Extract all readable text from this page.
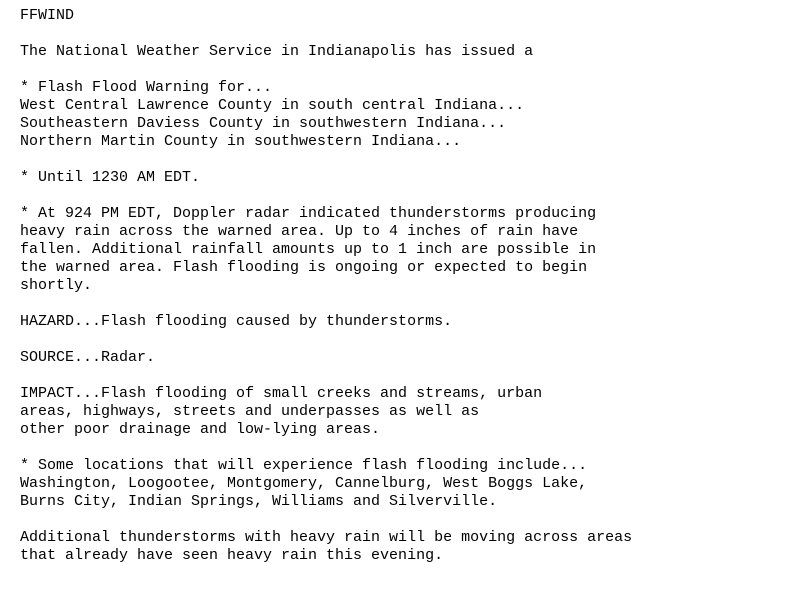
FFWIND
The National Weather Service in Indianapolis has issued a
* Flash Flood Warning for...
West Central Lawrence County in south central Indiana...
Southeastern Daviess County in southwestern Indiana...
Northern Martin County in southwestern Indiana...
* Until 1230 AM EDT.
* At 924 PM EDT, Doppler radar indicated thunderstorms producing
heavy rain across the warned area. Up to 4 inches of rain have
fallen. Additional rainfall amounts up to 1 inch are possible in
the warned area. Flash flooding is ongoing or expected to begin
shortly.
HAZARD...Flash flooding caused by thunderstorms.
SOURCE...Radar.
IMPACT...Flash flooding of small creeks and streams, urban
areas, highways, streets and underpasses as well as
other poor drainage and low-lying areas.
* Some locations that will experience flash flooding include...
Washington, Loogootee, Montgomery, Cannelburg, West Boggs Lake,
Burns City, Indian Springs, Williams and Silverville.
Additional thunderstorms with heavy rain will be moving across areas
that already have seen heavy rain this evening.
